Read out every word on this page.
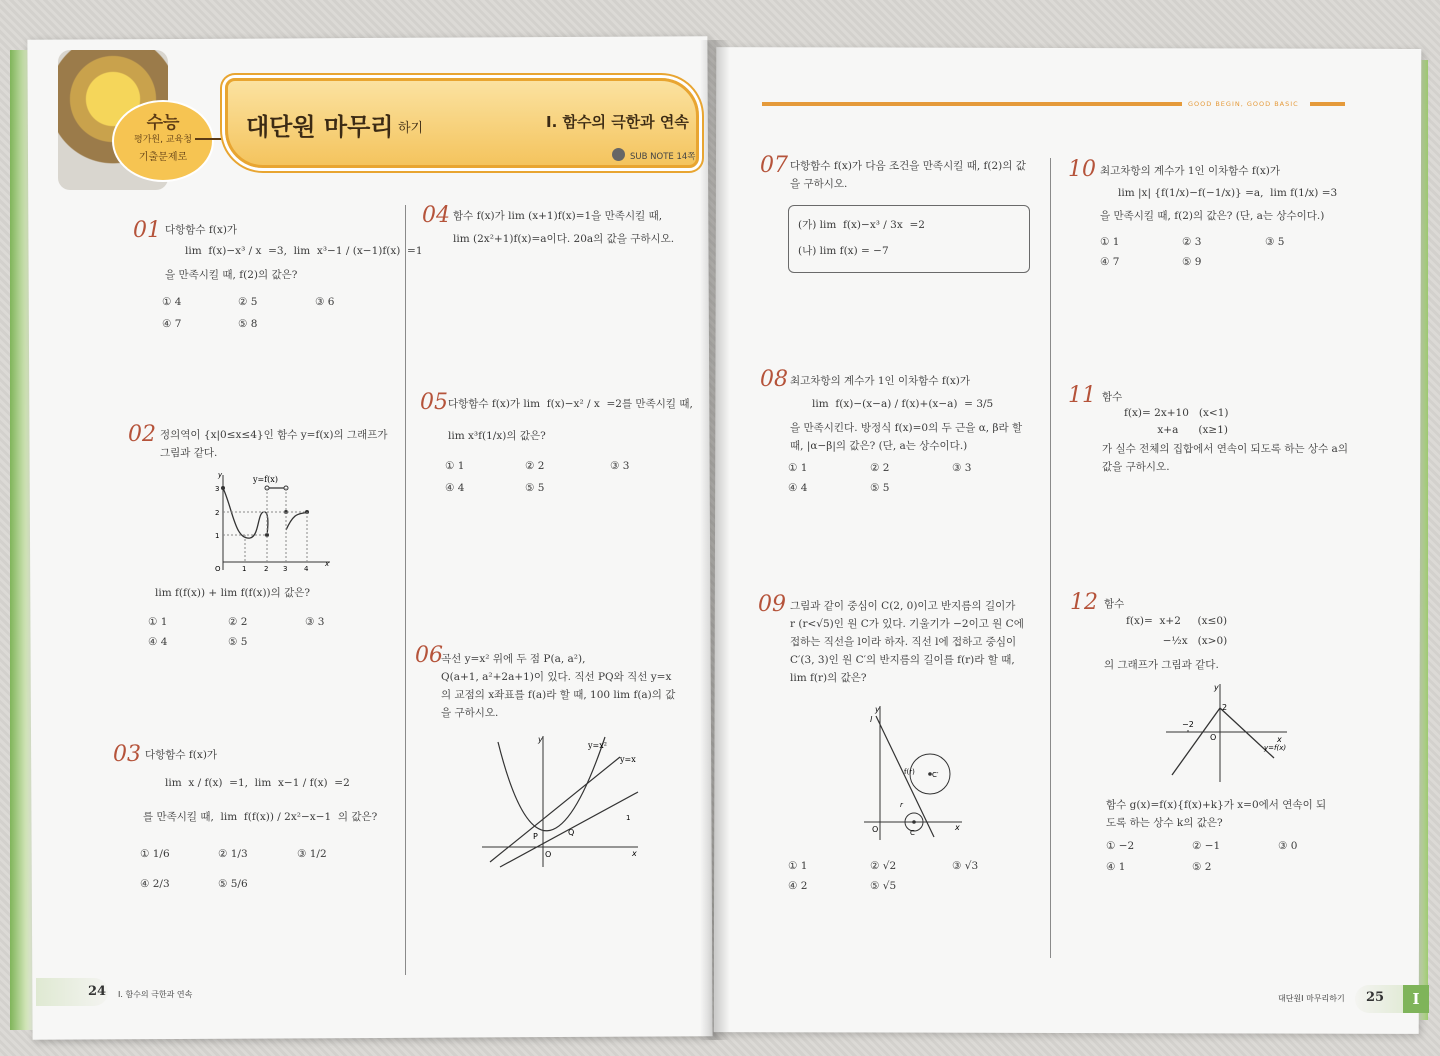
수능
평가원, 교육청
기출문제로
대단원 마무리 하기	Ⅰ. 함수의 극한과 연속
SUB NOTE 14쪽
GOOD BEGIN, GOOD BASIC
01 다항함수 f(x)가
lim  f(x)−x³ / x  =3,  lim  x³−1 / (x−1)f(x)  =1
을 만족시킬 때, f(2)의 값은?
① 4	② 5	③ 6
④ 7	⑤ 8
02 정의역이 {x|0≤x≤4}인 함수 y=f(x)의 그래프가
그림과 같다.
y=f(x)
3
2
1
O	1	2 3 4
x
y
lim f(f(x)) + lim f(f(x))의 값은?
① 1	② 2	③ 3
④ 4	⑤ 5
03 다항함수 f(x)가
lim  x / f(x)  =1,  lim  x−1 / f(x)  =2
를 만족시킬 때,  lim  f(f(x)) / 2x²−x−1  의 값은?
① 1/6	② 1/3	③ 1/2
④ 2/3	⑤ 5/6
04 함수 f(x)가 lim (x+1)f(x)=1을 만족시킬 때,
lim (2x²+1)f(x)=a이다. 20a의 값을 구하시오.
05 다항함수 f(x)가 lim  f(x)−x² / x  =2를 만족시킬 때,
lim x³f(1/x)의 값은?
① 1	② 2	③ 3
④ 4	⑤ 5
06
곡선 y=x² 위에 두 점 P(a, a²),
Q(a+1, a²+2a+1)이 있다. 직선 PQ와 직선 y=x
의 교점의 x좌표를 f(a)라 할 때, 100 lim f(a)의 값
을 구하시오.
y=x²
y=x
P	Q
O	x
y
1
07 다항함수 f(x)가 다음 조건을 만족시킬 때, f(2)의 값
을 구하시오.
(가) lim  f(x)−x³ / 3x  =2
(나) lim f(x) = −7
08 최고차항의 계수가 1인 이차함수 f(x)가
lim  f(x)−(x−a) / f(x)+(x−a)  = 3/5
을 만족시킨다. 방정식 f(x)=0의 두 근을 α, β라 할
때, |α−β|의 값은? (단, a는 상수이다.)
① 1	② 2	③ 3
④ 4	⑤ 5
09 그림과 같이 중심이 C(2, 0)이고 반지름의 길이가
r (r<√5)인 원 C가 있다. 기울기가 −2이고 원 C에
접하는 직선을 l이라 하자. 직선 l에 접하고 중심이
C′(3, 3)인 원 C′의 반지름의 길이를 f(r)라 할 때,
lim f(r)의 값은?
l
f(r) C′
r
C
O	x
y
① 1	② √2	③ √3
④ 2	⑤ √5
10 최고차항의 계수가 1인 이차함수 f(x)가
lim |x| {f(1/x)−f(−1/x)} =a,  lim f(1/x) =3
을 만족시킬 때, f(2)의 값은? (단, a는 상수이다.)
① 1	② 3	③ 5
④ 7	⑤ 9
11 함수
f(x)= 2x+10   (x<1)
x+a      (x≥1)
가 실수 전체의 집합에서 연속이 되도록 하는 상수 a의
값을 구하시오.
12 함수
f(x)=  x+2     (x≤0)
−½x   (x>0)
의 그래프가 그림과 같다.
2
−2
O	x
y
y=f(x)
함수 g(x)=f(x){f(x)+k}가 x=0에서 연속이 되
도록 하는 상수 k의 값은?
① −2	② −1	③ 0
④ 1	⑤ 2
24 Ⅰ. 함수의 극한과 연속	대단원Ⅰ 마무리하기 25	Ⅰ
